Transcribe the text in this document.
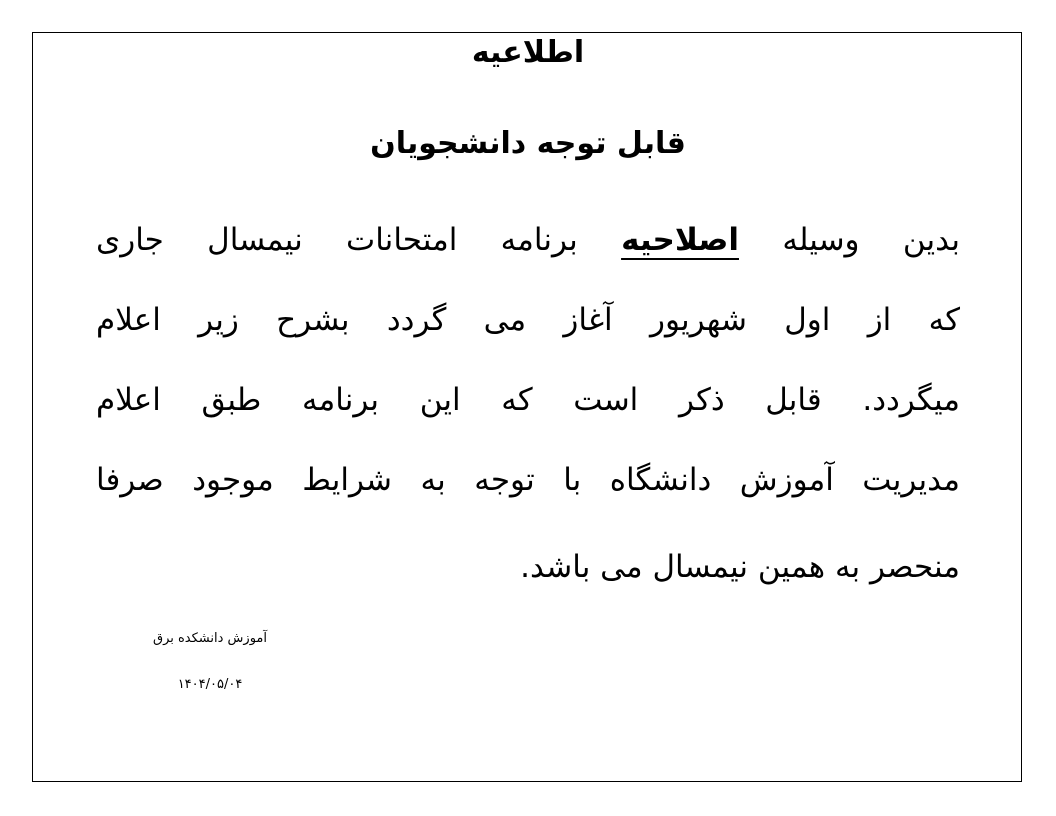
اطلاعیه
قابل توجه دانشجویان
بدین وسیله اصلاحیه برنامه امتحانات نیمسال جاری
که از اول شهریور آغاز می گردد بشرح زیر اعلام
میگردد. قابل ذکر است که این برنامه طبق اعلام
مدیریت آموزش دانشگاه با توجه به شرایط موجود صرفا
منحصر به همین نیمسال می باشد.
آموزش دانشکده برق
۱۴۰۴/۰۵/۰۴
